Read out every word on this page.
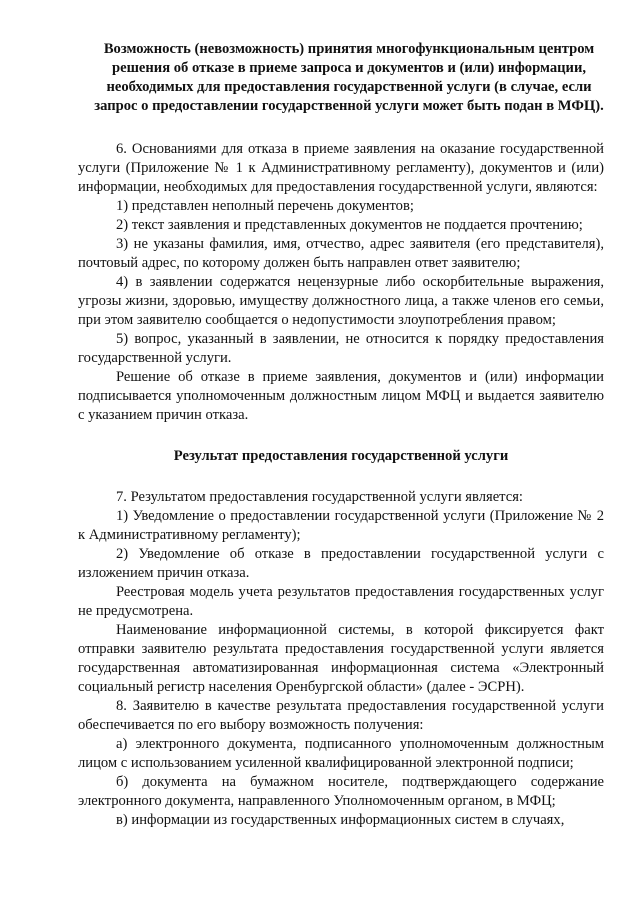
Возможность (невозможность) принятия многофункциональным центром решения об отказе в приеме запроса и документов и (или) информации, необходимых для предоставления государственной услуги (в случае, если запрос о предоставлении государственной услуги может быть подан в МФЦ).

6. Основаниями для отказа в приеме заявления на оказание государственной услуги (Приложение № 1 к Административному регламенту), документов и (или) информации, необходимых для предоставления государственной услуги, являются:

1) представлен неполный перечень документов;

2) текст заявления и представленных документов не поддается прочтению;

3) не указаны фамилия, имя, отчество, адрес заявителя (его представителя), почтовый адрес, по которому должен быть направлен ответ заявителю;

4) в заявлении содержатся нецензурные либо оскорбительные выражения, угрозы жизни, здоровью, имуществу должностного лица, а также членов его семьи, при этом заявителю сообщается о недопустимости злоупотребления правом;

5) вопрос, указанный в заявлении, не относится к порядку предоставления государственной услуги.

Решение об отказе в приеме заявления, документов и (или) информации подписывается уполномоченным должностным лицом МФЦ и выдается заявителю с указанием причин отказа.

Результат предоставления государственной услуги

7. Результатом предоставления государственной услуги является:

1) Уведомление о предоставлении государственной услуги (Приложение № 2 к Административному регламенту);

2) Уведомление об отказе в предоставлении государственной услуги с изложением причин отказа.

Реестровая модель учета результатов предоставления государственных услуг не предусмотрена.

Наименование информационной системы, в которой фиксируется факт отправки заявителю результата предоставления государственной услуги является государственная автоматизированная информационная система «Электронный социальный регистр населения Оренбургской области» (далее - ЭСРН).

8. Заявителю в качестве результата предоставления государственной услуги обеспечивается по его выбору возможность получения:

а) электронного документа, подписанного уполномоченным должностным лицом с использованием усиленной квалифицированной электронной подписи;

б) документа на бумажном носителе, подтверждающего содержание электронного документа, направленного Уполномоченным органом, в МФЦ;

в) информации из государственных информационных систем в случаях,
